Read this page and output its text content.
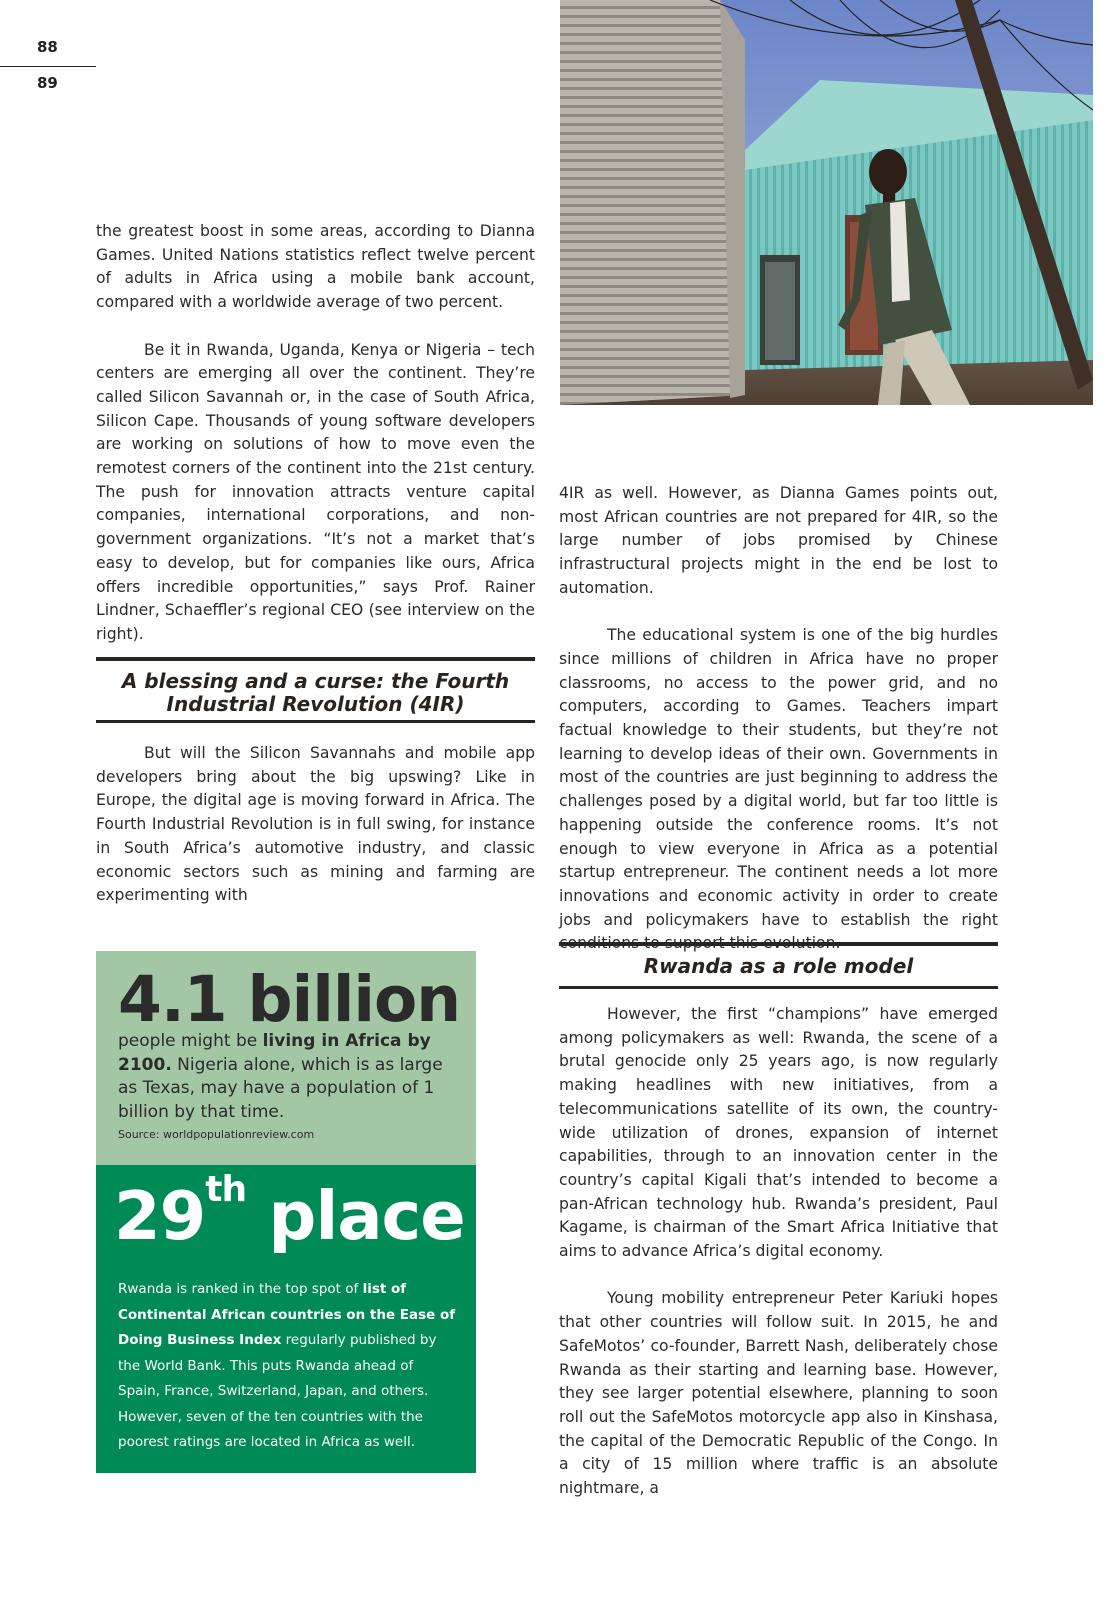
88
89

the greatest boost in some areas, according to Dianna Games. United Nations statistics reflect twelve percent of adults in Africa using a mobile bank account, compared with a worldwide average of two percent.

Be it in Rwanda, Uganda, Kenya or Nigeria – tech centers are emerging all over the continent. They’re called Silicon Savannah or, in the case of South Africa, Silicon Cape. Thousands of young software developers are working on solutions of how to move even the remotest corners of the continent into the 21st century. The push for innovation attracts venture capital companies, international corporations, and non-government organizations. “It’s not a market that’s easy to develop, but for companies like ours, Africa offers incredible opportunities,” says Prof. Rainer Lindner, Schaeffler’s regional CEO (see interview on the right).

A blessing and a curse: the Fourth Industrial Revolution (4IR)

But will the Silicon Savannahs and mobile app developers bring about the big upswing? Like in Europe, the digital age is moving forward in Africa. The Fourth Industrial Revolution is in full swing, for instance in South Africa’s automotive industry, and classic economic sectors such as mining and farming are experimenting with

4IR as well. However, as Dianna Games points out, most African countries are not prepared for 4IR, so the large number of jobs promised by Chinese infrastructural projects might in the end be lost to automation.

The educational system is one of the big hurdles since millions of children in Africa have no proper classrooms, no access to the power grid, and no computers, according to Games. Teachers impart factual knowledge to their students, but they’re not learning to develop ideas of their own. Governments in most of the countries are just beginning to address the challenges posed by a digital world, but far too little is happening outside the conference rooms. It’s not enough to view everyone in Africa as a potential startup entrepreneur. The continent needs a lot more innovations and economic activity in order to create jobs and policymakers have to establish the right conditions to support this evolution.

Rwanda as a role model

However, the first “champions” have emerged among policymakers as well: Rwanda, the scene of a brutal genocide only 25 years ago, is now regularly making headlines with new initiatives, from a telecommunications satellite of its own, the country-wide utilization of drones, expansion of internet capabilities, through to an innovation center in the country’s capital Kigali that’s intended to become a pan-African technology hub. Rwanda’s president, Paul Kagame, is chairman of the Smart Africa Initiative that aims to advance Africa’s digital economy.

Young mobility entrepreneur Peter Kariuki hopes that other countries will follow suit. In 2015, he and SafeMotos’ co-founder, Barrett Nash, deliberately chose Rwanda as their starting and learning base. However, they see larger potential elsewhere, planning to soon roll out the SafeMotos motorcycle app also in Kinshasa, the capital of the Democratic Republic of the Congo. In a city of 15 million where traffic is an absolute nightmare, a

4.1 billion
people might be living in Africa by 2100. Nigeria alone, which is as large as Texas, may have a population of 1 billion by that time.
Source: worldpopulationreview.com
29th place
Rwanda is ranked in the top spot of list of Continental African countries on the Ease of Doing Business Index regularly published by the World Bank. This puts Rwanda ahead of Spain, France, Switzerland, Japan, and others. However, seven of the ten countries with the poorest ratings are located in Africa as well.
